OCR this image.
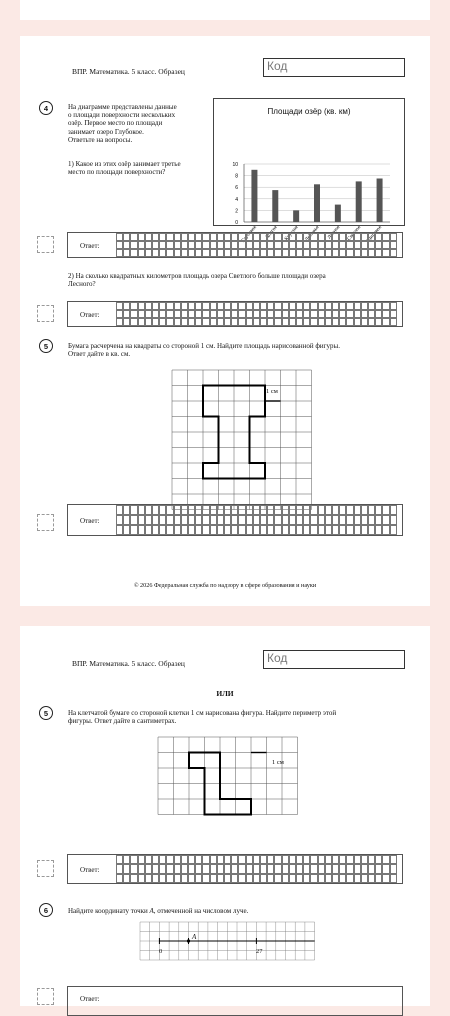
ВПР. Математика. 5 класс. Образец	Код
4	На диаграмме представлены данные
о площади поверхности нескольких
озёр. Первое место по площади
занимает озеро Глубокое.
Ответьте на вопросы.
1) Какое из этих озёр занимает третье
место по площади поверхности?
Площади озёр (кв. км)
0
2
4
6
8
10
Глубокое Долгое Круглое Лебяжье Лесное Светлое Широкое
Ответ:
2) На сколько квадратных километров площадь озера Светлого больше площади озера
Лесного?
Ответ:
5	Бумага расчерчена на квадраты со стороной 1 см. Найдите площадь нарисованной фигуры.
Ответ дайте в кв. см.
1 см
Ответ:
© 2026 Федеральная служба по надзору в сфере образования и науки
ВПР. Математика. 5 класс. Образец	Код
ИЛИ
5	На клетчатой бумаге со стороной клетки 1 см нарисована фигура. Найдите периметр этой
фигуры. Ответ дайте в сантиметрах.
1 см
Ответ:
6	Найдите координату точки A, отмеченной на числовом луче.
A
0	27
Ответ:
